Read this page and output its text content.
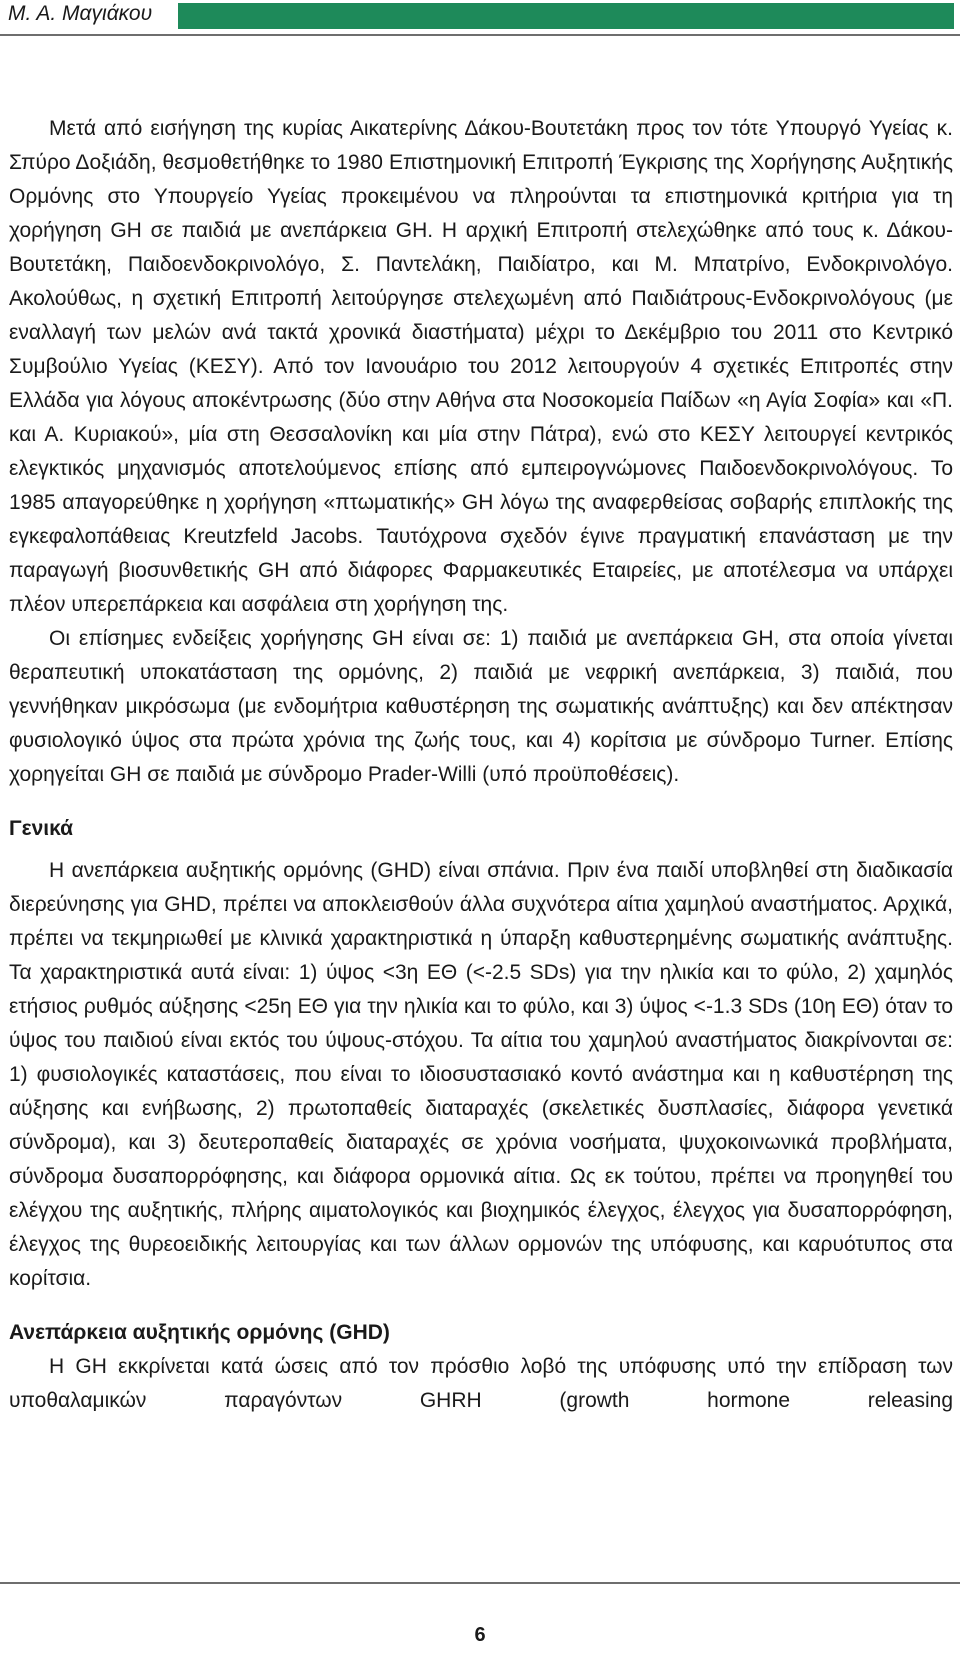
Μ. Α. Μαγιάκου

Μετά από εισήγηση της κυρίας Αικατερίνης Δάκου-Βουτετάκη προς τον τότε Υπουργό Υγείας κ. Σπύρο Δοξιάδη, θεσμοθετήθηκε το 1980 Επιστημονική Επιτροπή Έγκρισης της Χορήγησης Αυξητικής Ορμόνης στο Υπουργείο Υγείας προκειμένου να πληρούνται τα επιστημονικά κριτήρια για τη χορήγηση GH σε παιδιά με ανεπάρκεια GH. Η αρχική Επιτροπή στελεχώθηκε από τους κ. Δάκου-Βουτετάκη, Παιδοενδοκρινολόγο, Σ. Παντελάκη, Παιδίατρο, και Μ. Μπατρίνο, Ενδοκρινολόγο. Ακολούθως, η σχετική Επιτροπή λειτούργησε στελεχωμένη από Παιδιάτρους-Ενδοκρινολόγους (με εναλλαγή των μελών ανά τακτά χρονικά διαστήματα) μέχρι το Δεκέμβριο του 2011 στο Κεντρικό Συμβούλιο Υγείας (ΚΕΣΥ). Από τον Ιανουάριο του 2012 λειτουργούν 4 σχετικές Επιτροπές στην Ελλάδα για λόγους αποκέντρωσης (δύο στην Αθήνα στα Νοσοκομεία Παίδων «η Αγία Σοφία» και «Π. και Α. Κυριακού», μία στη Θεσσαλονίκη και μία στην Πάτρα), ενώ στο ΚΕΣΥ λειτουργεί κεντρικός ελεγκτικός μηχανισμός αποτελούμενος επίσης από εμπειρογνώμονες Παιδοενδοκρινολόγους. Το 1985 απαγορεύθηκε η χορήγηση «πτωματικής» GH λόγω της αναφερθείσας σοβαρής επιπλοκής της εγκεφαλοπάθειας Kreutzfeld Jacobs. Ταυτόχρονα σχεδόν έγινε πραγματική επανάσταση με την παραγωγή βιοσυνθετικής GH από διάφορες Φαρμακευτικές Εταιρείες, με αποτέλεσμα να υπάρχει πλέον υπερεπάρκεια και ασφάλεια στη χορήγηση της.

Οι επίσημες ενδείξεις χορήγησης GH είναι σε: 1) παιδιά με ανεπάρκεια GH, στα οποία γίνεται θεραπευτική υποκατάσταση της ορμόνης, 2) παιδιά με νεφρική ανεπάρκεια, 3) παιδιά, που γεννήθηκαν μικρόσωμα (με ενδομήτρια καθυστέρηση της σωματικής ανάπτυξης) και δεν απέκτησαν φυσιολογικό ύψος στα πρώτα χρόνια της ζωής τους, και 4) κορίτσια με σύνδρομο Turner. Επίσης χορηγείται GH σε παιδιά με σύνδρομο Prader-Willi (υπό προϋποθέσεις).

Γενικά

Η ανεπάρκεια αυξητικής ορμόνης (GHD) είναι σπάνια. Πριν ένα παιδί υποβληθεί στη διαδικασία διερεύνησης για GHD, πρέπει να αποκλεισθούν άλλα συχνότερα αίτια χαμηλού αναστήματος. Αρχικά, πρέπει να τεκμηριωθεί με κλινικά χαρακτηριστικά η ύπαρξη καθυστερημένης σωματικής ανάπτυξης. Τα χαρακτηριστικά αυτά είναι: 1) ύψος <3η ΕΘ (<-2.5 SDs) για την ηλικία και το φύλο, 2) χαμηλός ετήσιος ρυθμός αύξησης <25η ΕΘ για την ηλικία και το φύλο, και 3) ύψος <-1.3 SDs (10η ΕΘ) όταν το ύψος του παιδιού είναι εκτός του ύψους-στόχου. Τα αίτια του χαμηλού αναστήματος διακρίνονται σε: 1) φυσιολογικές καταστάσεις, που είναι το ιδιοσυστασιακό κοντό ανάστημα και η καθυστέρηση της αύξησης και ενήβωσης, 2) πρωτοπαθείς διαταραχές (σκελετικές δυσπλασίες, διάφορα γενετικά σύνδρομα), και 3) δευτεροπαθείς διαταραχές σε χρόνια νοσήματα, ψυχοκοινωνικά προβλήματα, σύνδρομα δυσαπορρόφησης, και διάφορα ορμονικά αίτια. Ως εκ τούτου, πρέπει να προηγηθεί του ελέγχου της αυξητικής, πλήρης αιματολογικός και βιοχημικός έλεγχος, έλεγχος για δυσαπορρόφηση, έλεγχος της θυρεοειδικής λειτουργίας και των άλλων ορμονών της υπόφυσης, και καρυότυπος στα κορίτσια.

Ανεπάρκεια αυξητικής ορμόνης (GHD)

Η GH εκκρίνεται κατά ώσεις από τον πρόσθιο λοβό της υπόφυσης υπό την επίδραση των υποθαλαμικών παραγόντων GHRH (growth hormone releasing

6
